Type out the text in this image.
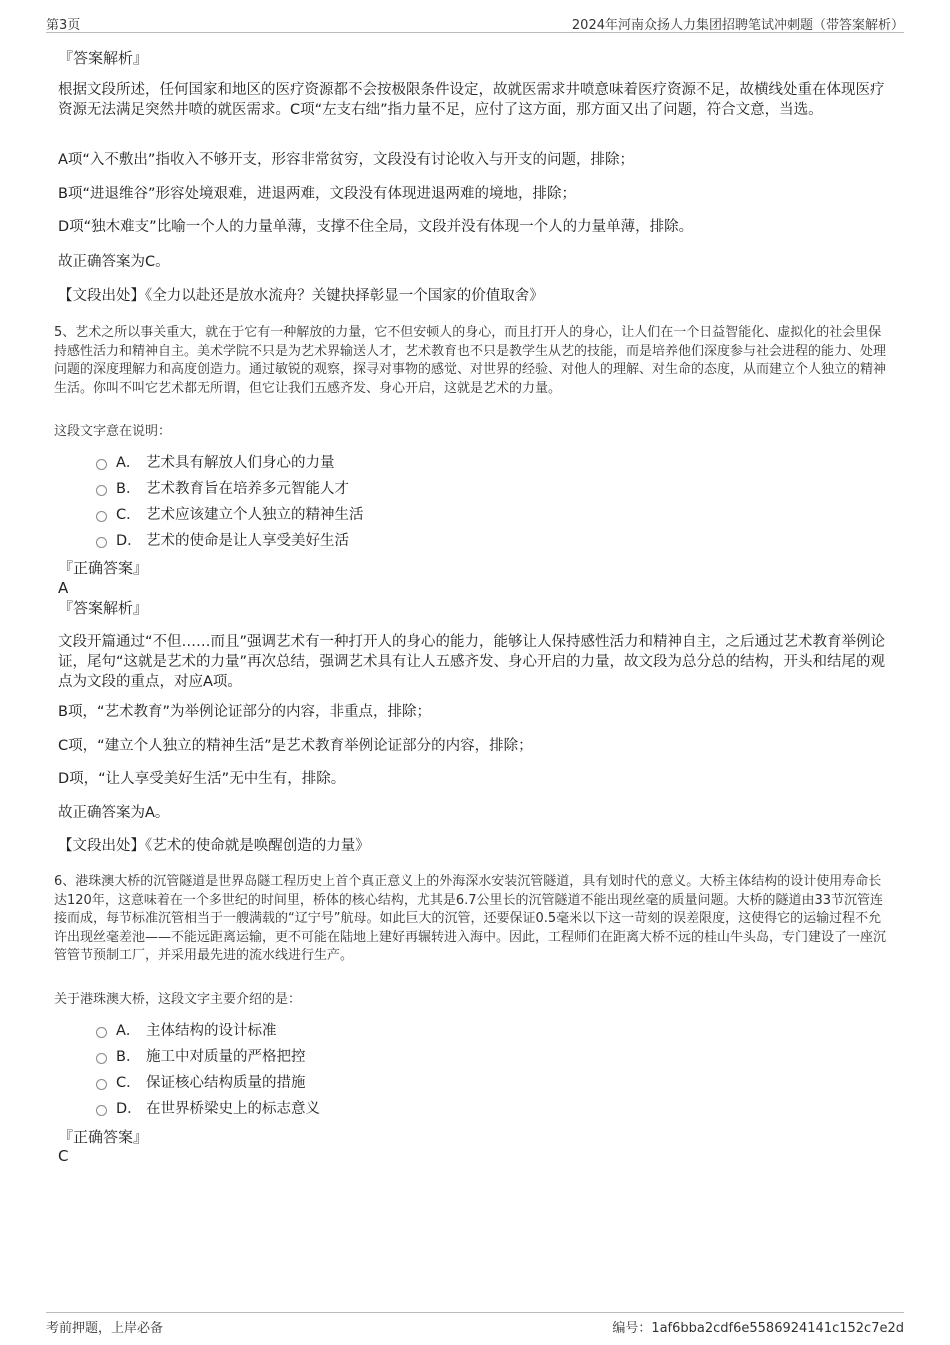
第3页	2024年河南众扬人力集团招聘笔试冲刺题（带答案解析）
『答案解析』
根据文段所述，任何国家和地区的医疗资源都不会按极限条件设定，故就医需求井喷意味着医疗资源不足，故横线处重在体现医疗资源无法满足突然井喷的就医需求。C项“左支右绌”指力量不足，应付了这方面，那方面又出了问题，符合文意，当选。
A项“入不敷出”指收入不够开支，形容非常贫穷，文段没有讨论收入与开支的问题，排除；
B项“进退维谷”形容处境艰难，进退两难，文段没有体现进退两难的境地，排除；
D项“独木难支”比喻一个人的力量单薄，支撑不住全局，文段并没有体现一个人的力量单薄，排除。
故正确答案为C。
【文段出处】《全力以赴还是放水流舟？关键抉择彰显一个国家的价值取舍》
5、艺术之所以事关重大，就在于它有一种解放的力量，它不但安顿人的身心，而且打开人的身心，让人们在一个日益智能化、虚拟化的社会里保持感性活力和精神自主。美术学院不只是为艺术界输送人才，艺术教育也不只是教学生从艺的技能，而是培养他们深度参与社会进程的能力、处理问题的深度理解力和高度创造力。通过敏锐的观察，探寻对事物的感觉、对世界的经验、对他人的理解、对生命的态度，从而建立个人独立的精神生活。你叫不叫它艺术都无所谓，但它让我们五感齐发、身心开启，这就是艺术的力量。
这段文字意在说明：
A． 艺术具有解放人们身心的力量
B． 艺术教育旨在培养多元智能人才
C． 艺术应该建立个人独立的精神生活
D． 艺术的使命是让人享受美好生活
『正确答案』
A
『答案解析』
文段开篇通过“不但……而且”强调艺术有一种打开人的身心的能力，能够让人保持感性活力和精神自主，之后通过艺术教育举例论证，尾句“这就是艺术的力量”再次总结，强调艺术具有让人五感齐发、身心开启的力量，故文段为总分总的结构，开头和结尾的观点为文段的重点，对应A项。
B项，“艺术教育”为举例论证部分的内容，非重点，排除；
C项，“建立个人独立的精神生活”是艺术教育举例论证部分的内容，排除；
D项，“让人享受美好生活”无中生有，排除。
故正确答案为A。
【文段出处】《艺术的使命就是唤醒创造的力量》
6、港珠澳大桥的沉管隧道是世界岛隧工程历史上首个真正意义上的外海深水安装沉管隧道，具有划时代的意义。大桥主体结构的设计使用寿命长达120年，这意味着在一个多世纪的时间里，桥体的核心结构，尤其是6.7公里长的沉管隧道不能出现丝毫的质量问题。大桥的隧道由33节沉管连接而成，每节标准沉管相当于一艘满载的“辽宁号”航母。如此巨大的沉管，还要保证0.5毫米以下这一苛刻的误差限度，这使得它的运输过程不允许出现丝毫差池——不能远距离运输，更不可能在陆地上建好再辗转进入海中。因此，工程师们在距离大桥不远的桂山牛头岛，专门建设了一座沉管管节预制工厂，并采用最先进的流水线进行生产。
关于港珠澳大桥，这段文字主要介绍的是：
A． 主体结构的设计标准
B． 施工中对质量的严格把控
C． 保证核心结构质量的措施
D． 在世界桥梁史上的标志意义
『正确答案』
C
考前押题，上岸必备	编号：1af6bba2cdf6e5586924141c152c7e2d
